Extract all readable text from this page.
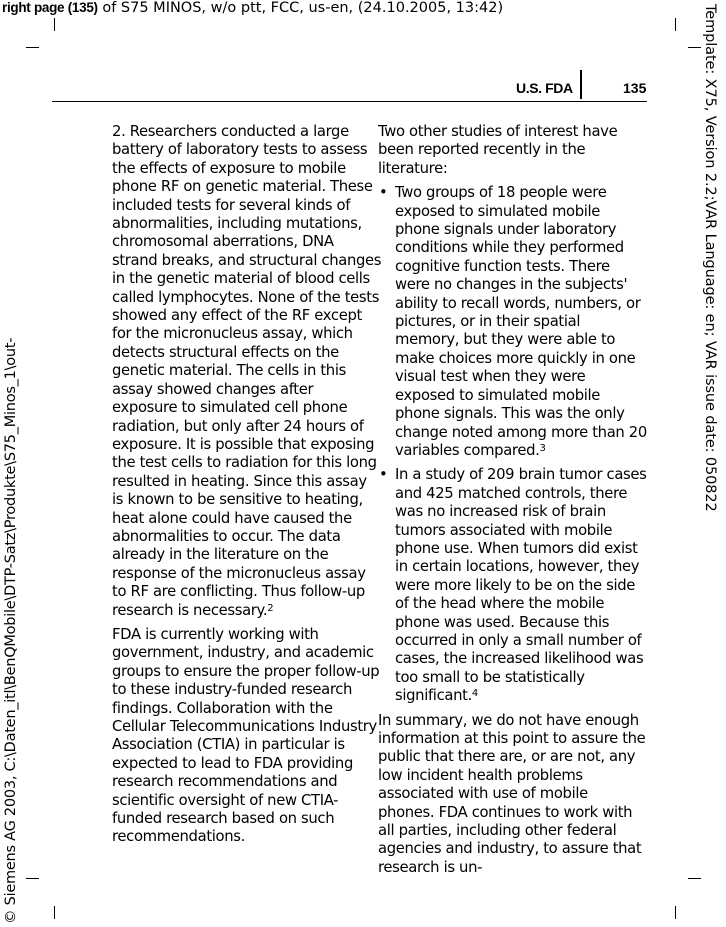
right page (135) of S75 MINOS, w/o ptt, FCC, us-en, (24.10.2005, 13:42)
U.S. FDA	135

2. Researchers conducted a large battery of laboratory tests to assess the effects of exposure to mobile phone RF on genetic material. These included tests for several kinds of abnormalities, including mutations, chromosomal aberrations, DNA strand breaks, and structural changes in the genetic material of blood cells called lymphocytes. None of the tests showed any effect of the RF except for the micronucleus assay, which detects structural effects on the genetic material. The cells in this assay showed changes after exposure to simulated cell phone radiation, but only after 24 hours of exposure. It is possible that exposing the test cells to radiation for this long resulted in heating. Since this assay is known to be sensitive to heating, heat alone could have caused the abnormalities to occur. The data already in the literature on the response of the micronucleus assay to RF are conflicting. Thus follow-up research is necessary.$^2$

FDA is currently working with government, industry, and academic groups to ensure the proper follow-up to these industry-funded research findings. Collaboration with the Cellular Telecommunications Industry Association (CTIA) in particular is expected to lead to FDA providing research recommendations and scientific oversight of new CTIA-funded research based on such recommendations.

Two other studies of interest have been reported recently in the literature:

• Two groups of 18 people were exposed to simulated mobile phone signals under laboratory conditions while they performed cognitive function tests. There were no changes in the subjects' ability to recall words, numbers, or pictures, or in their spatial memory, but they were able to make choices more quickly in one visual test when they were exposed to simulated mobile phone signals. This was the only change noted among more than 20 variables compared.$^3$
• In a study of 209 brain tumor cases and 425 matched controls, there was no increased risk of brain tumors associated with mobile phone use. When tumors did exist in certain locations, however, they were more likely to be on the side of the head where the mobile phone was used. Because this occurred in only a small number of cases, the increased likelihood was too small to be statistically significant.$^4$

In summary, we do not have enough information at this point to assure the public that there are, or are not, any low incident health problems associated with use of mobile phones. FDA continues to work with all parties, including other federal agencies and industry, to assure that research is un-

Template: X75, Version 2.2;VAR Language: en; VAR issue date: 050822
© Siemens AG 2003, C:\Daten_itl\BenQMobile\DTP-Satz\Produkte\S75_Minos_1\out-
